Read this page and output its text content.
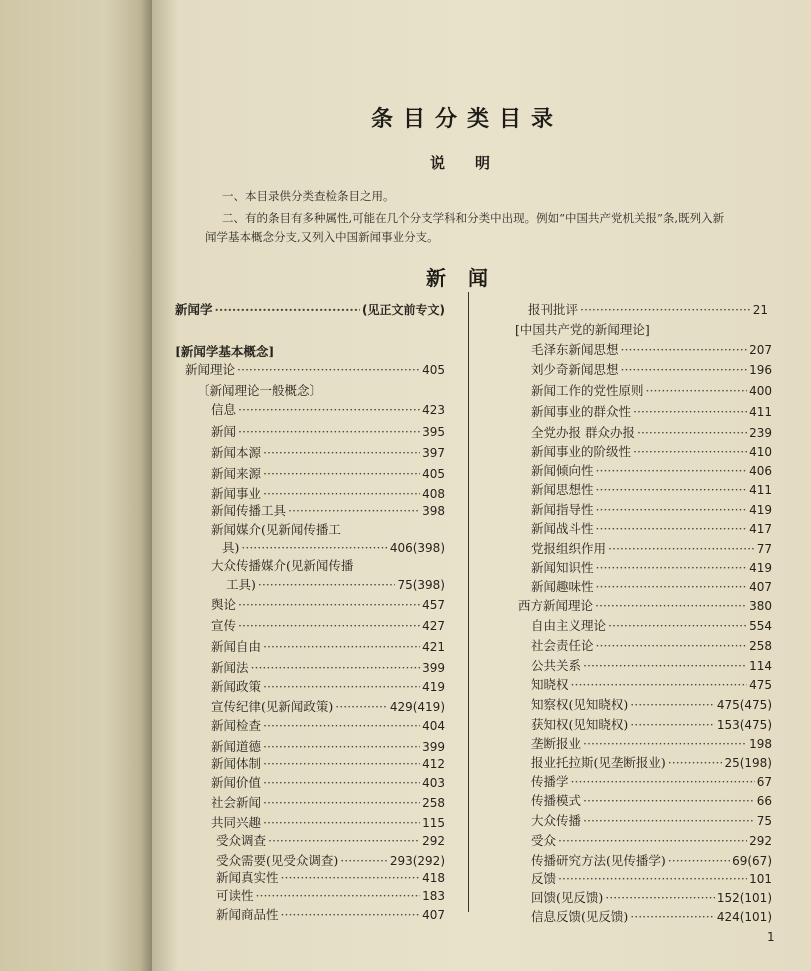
条目分类目录
说明
一、本目录供分类查检条目之用。
二、有的条目有多种属性,可能在几个分支学科和分类中出现。例如“中国共产党机关报”条,既列入新
闻学基本概念分支,又列入中国新闻事业分支。
新闻
新闻学 ·····	(见正文前专文)
[新闻学基本概念]
新闻理论 ·····	405
〔新闻理论一般概念〕
信息 ·····	423
新闻 ·····	395
新闻本源 ·····	397
新闻来源 ·····	405
新闻事业 ·····	408
新闻传播工具 ·····	398
新闻媒介(见新闻传播工
具) ·····	406(398)
大众传播媒介(见新闻传播
工具) ·····	75(398)
舆论 ·····	457
宣传 ·····	427
新闻自由 ·····	421
新闻法 ·····	399
新闻政策 ·····	419
宣传纪律(见新闻政策) ·····	429(419)
新闻检查 ·····	404
新闻道德 ·····	399
新闻体制 ·····	412
新闻价值 ·····	403
社会新闻 ·····	258
共同兴趣 ·····	115
受众调查 ·····	292
受众需要(见受众调查) ·····	293(292)
新闻真实性 ·····	418
可读性 ·····	183
新闻商品性 ·····	407
报刊批评 ·····	21
[中国共产党的新闻理论]
毛泽东新闻思想 ·····	207
刘少奇新闻思想 ·····	196
新闻工作的党性原则 ·····	400
新闻事业的群众性 ·····	411
全党办报 群众办报 ·····	239
新闻事业的阶级性 ·····	410
新闻倾向性 ·····	406
新闻思想性 ·····	411
新闻指导性 ·····	419
新闻战斗性 ·····	417
党报组织作用 ·····	77
新闻知识性 ·····	419
新闻趣味性 ·····	407
西方新闻理论 ·····	380
自由主义理论 ·····	554
社会责任论 ·····	258
公共关系 ·····	114
知晓权 ·····	475
知察权(见知晓权) ·····	475(475)
获知权(见知晓权) ·····	153(475)
垄断报业 ·····	198
报业托拉斯(见垄断报业) ·····	25(198)
传播学 ·····	67
传播模式 ·····	66
大众传播 ·····	75
受众 ·····	292
传播研究方法(见传播学) ·····	69(67)
反馈 ·····	101
回馈(见反馈) ·····	152(101)
信息反馈(见反馈) ·····	424(101)
1
